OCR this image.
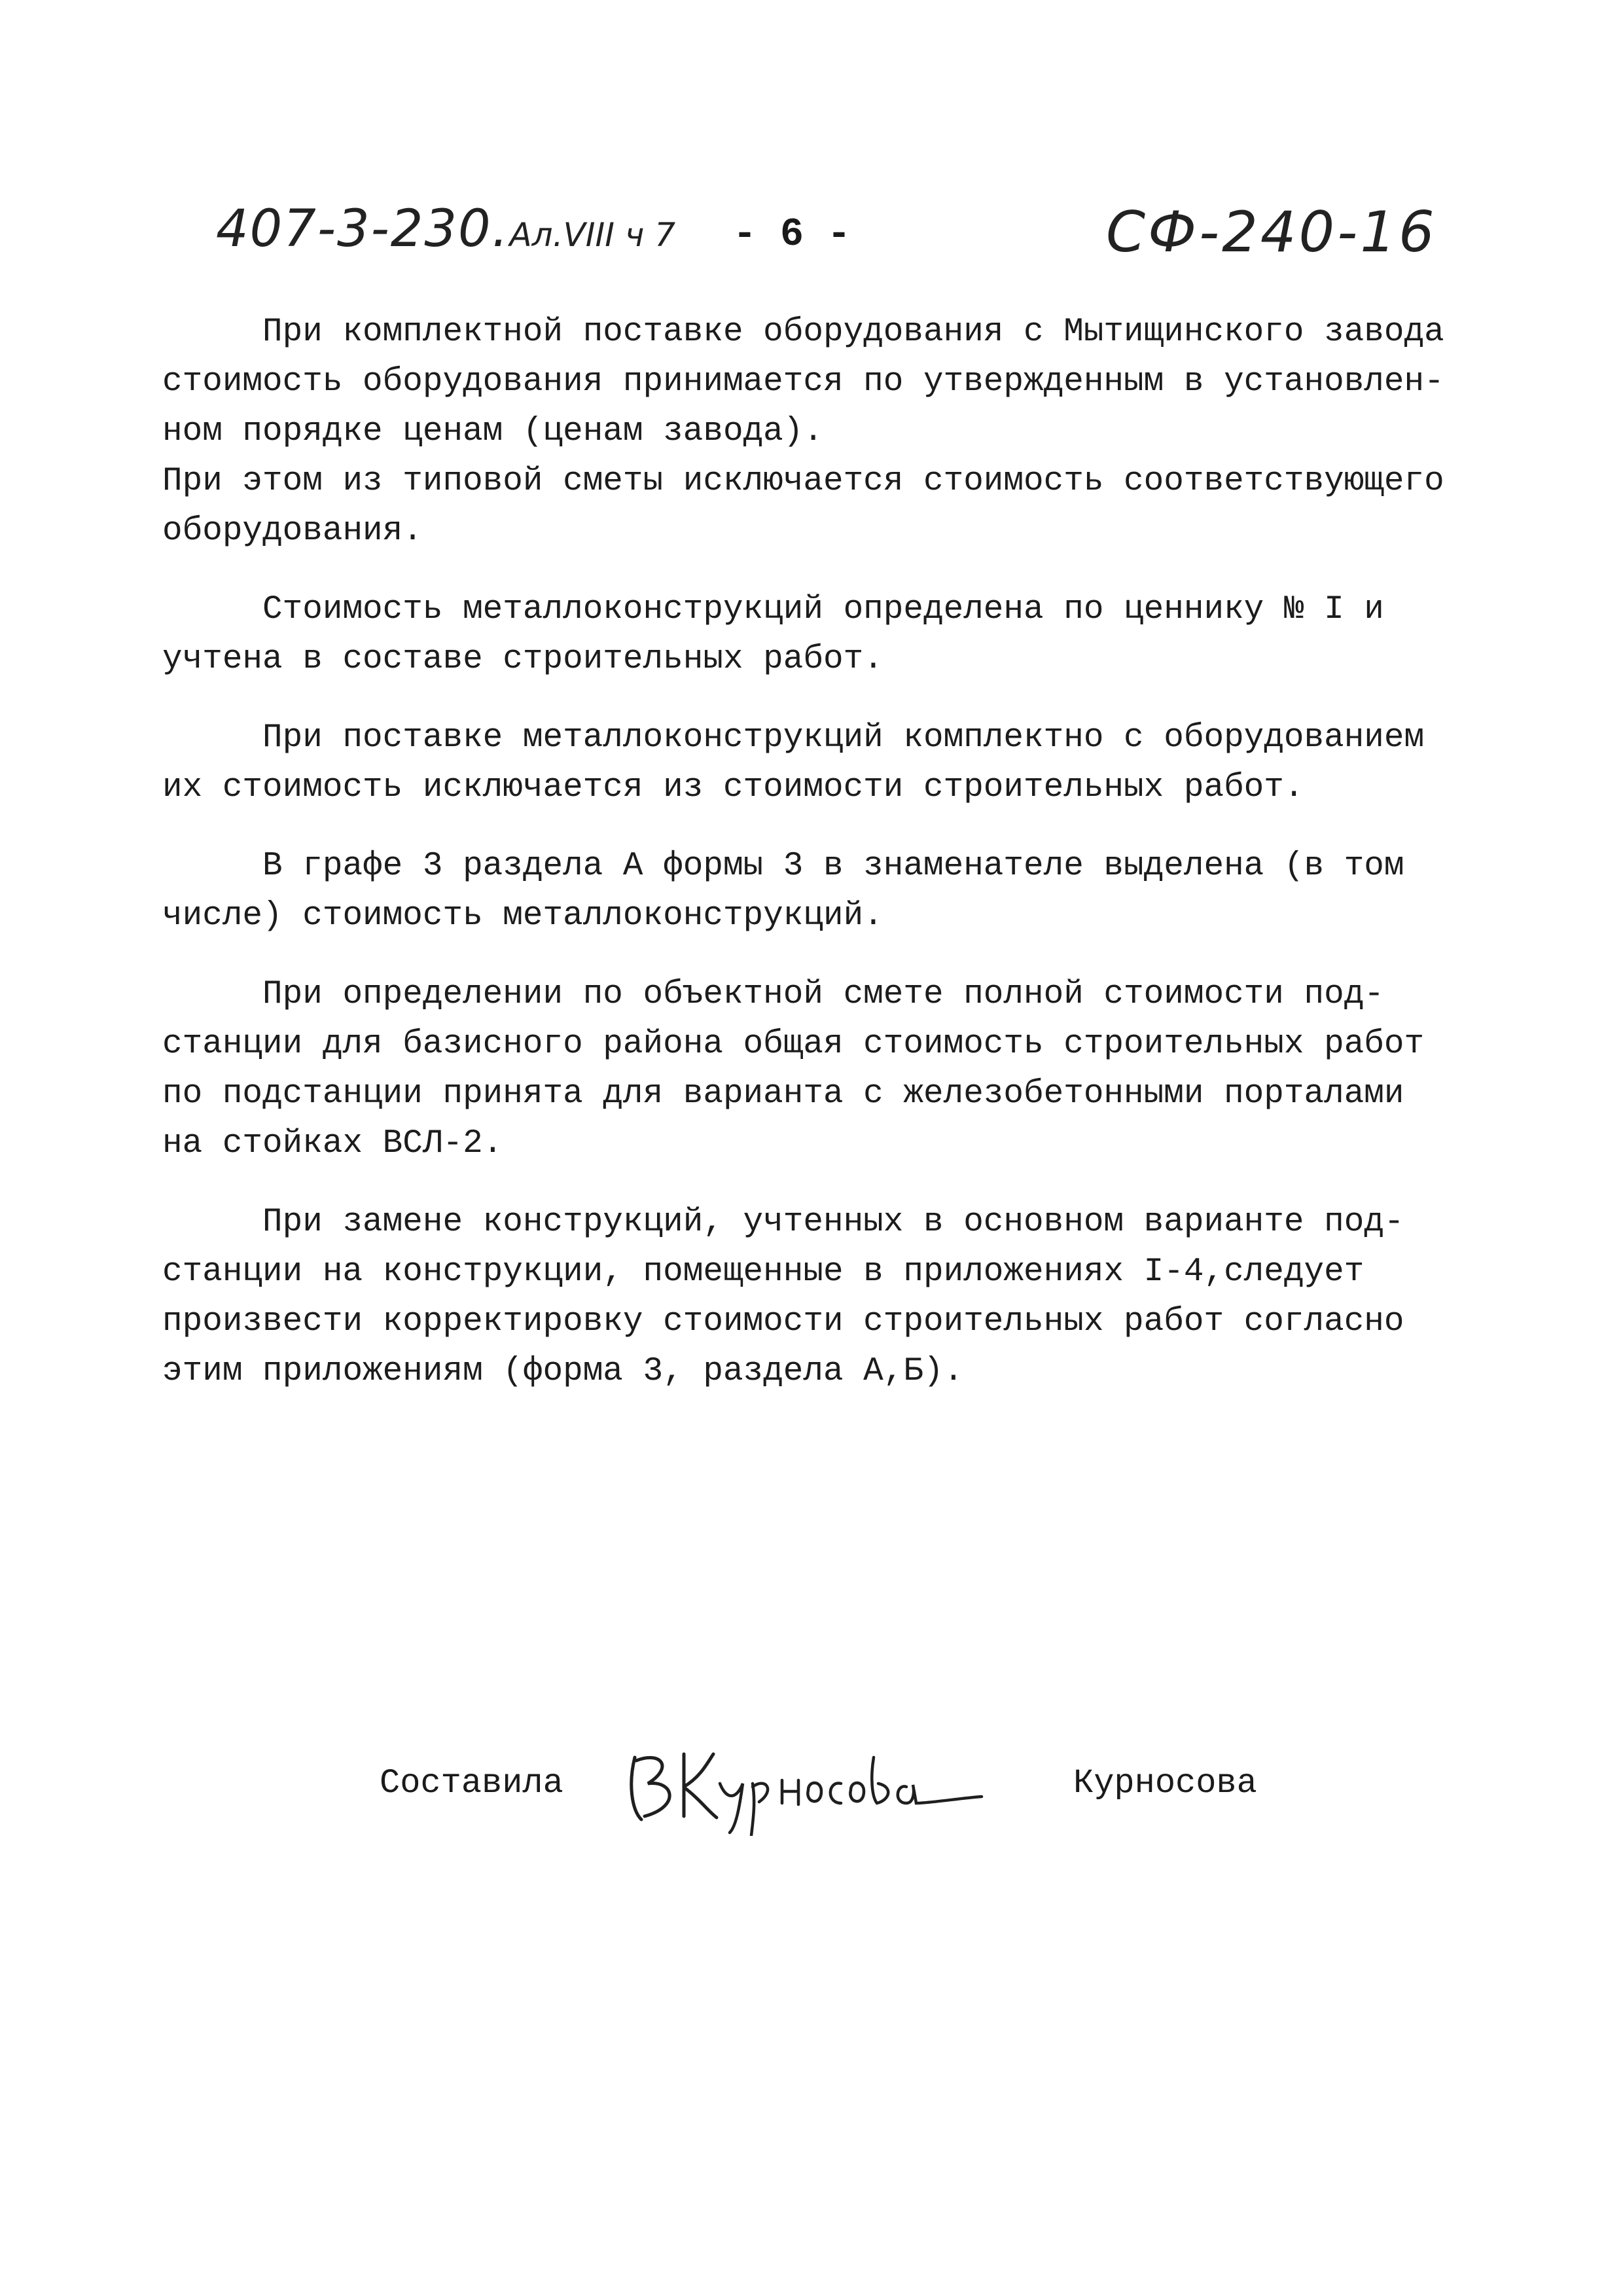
407-3-230.Ал.VIII ч 7 - 6 -	СФ-240-16
При комплектной поставке оборудования с Мытищинского завода
стоимость оборудования принимается по утвержденным в установлен-
ном порядке ценам (ценам завода).
При этом из типовой сметы исключается стоимость соответствующего
оборудования.
Стоимость металлоконструкций определена по ценнику № I и
учтена в составе строительных работ.
При поставке металлоконструкций комплектно с оборудованием
их стоимость исключается из стоимости строительных работ.
В графе 3 раздела А формы 3 в знаменателе выделена (в том
числе) стоимость металлоконструкций.
При определении по объектной смете полной стоимости под-
станции для базисного района общая стоимость строительных работ
по подстанции принята для варианта с железобетонными порталами
на стойках ВСЛ-2.
При замене конструкций, учтенных в основном варианте под-
станции на конструкции, помещенные в приложениях I-4,следует
произвести корректировку стоимости строительных работ согласно
этим приложениям (форма 3, раздела А,Б).
Составила	Курносова
